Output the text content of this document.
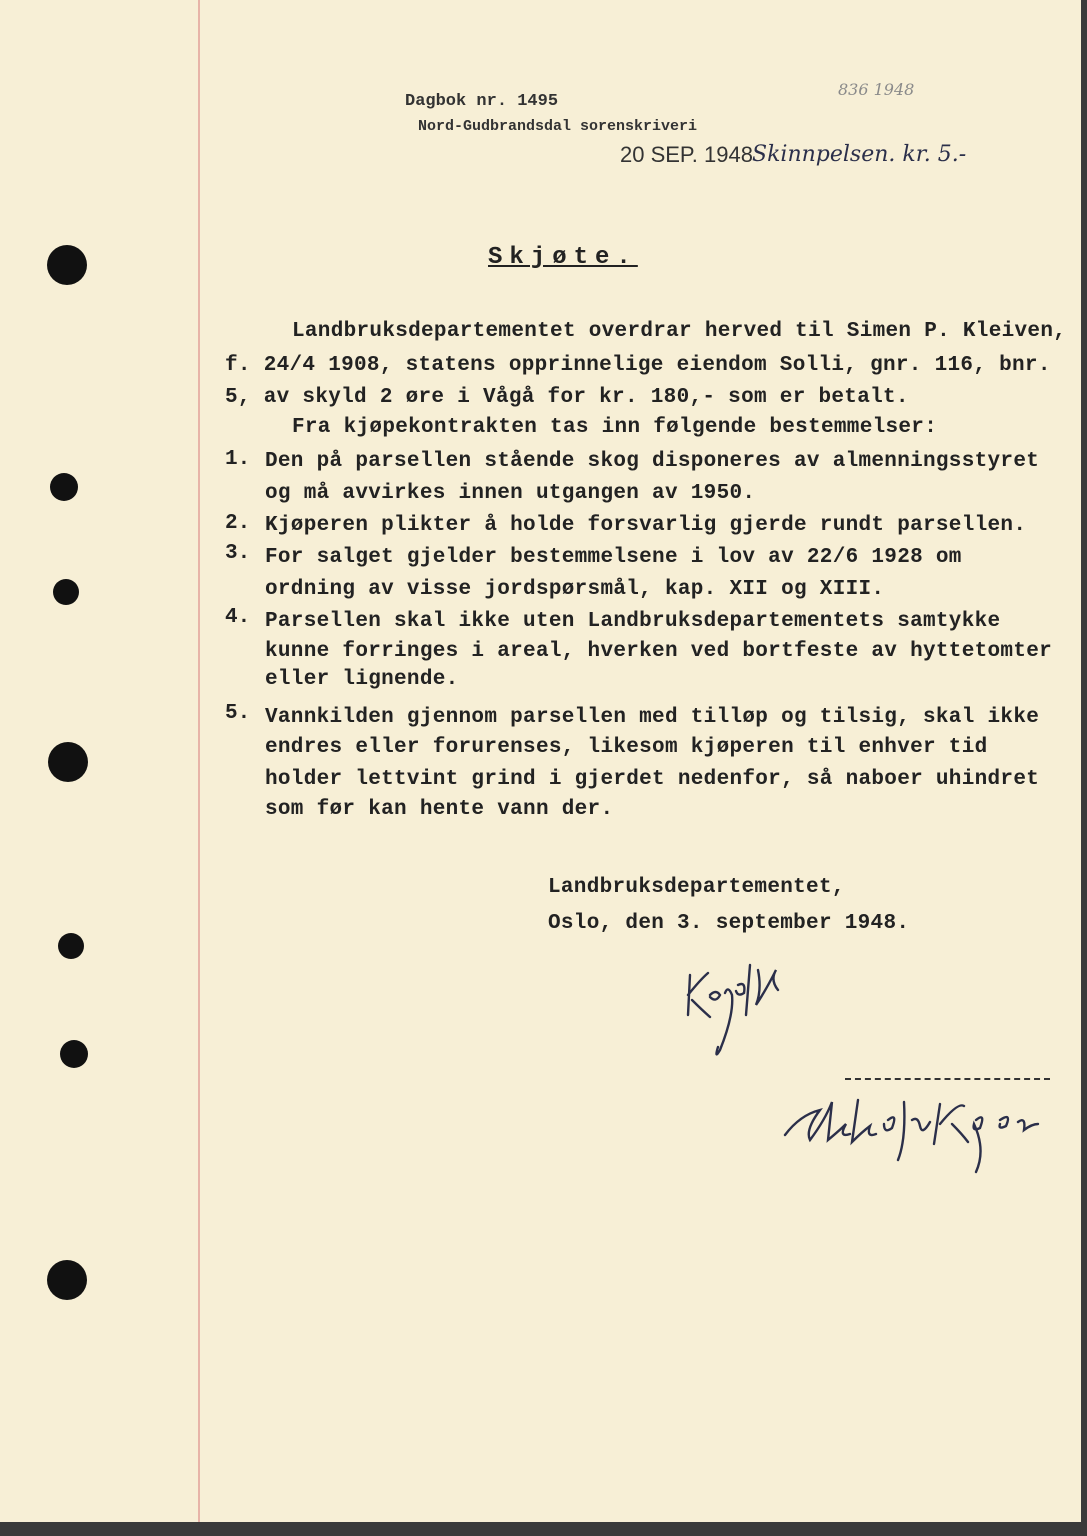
Dagbok nr. 1495
Nord-Gudbrandsdal sorenskriveri
20 SEP. 1948 Skinnpelsen. kr. 5.-
836 1948
Skjøte.
Landbruksdepartementet overdrar herved til Simen P. Kleiven,
f. 24/4 1908, statens opprinnelige eiendom Solli, gnr. 116, bnr.
5, av skyld 2 øre i Vågå for kr. 180,- som er betalt.
Fra kjøpekontrakten tas inn følgende bestemmelser:
1. Den på parsellen stående skog disponeres av almenningsstyret
og må avvirkes innen utgangen av 1950.
2. Kjøperen plikter å holde forsvarlig gjerde rundt parsellen.
3. For salget gjelder bestemmelsene i lov av 22/6 1928 om
ordning av visse jordspørsmål, kap. XII og XIII.
4. Parsellen skal ikke uten Landbruksdepartementets samtykke
kunne forringes i areal, hverken ved bortfeste av hyttetomter
eller lignende.
5. Vannkilden gjennom parsellen med tilløp og tilsig, skal ikke
endres eller forurenses, likesom kjøperen til enhver tid
holder lettvint grind i gjerdet nedenfor, så naboer uhindret
som før kan hente vann der.
Landbruksdepartementet,
Oslo, den 3. september 1948.
